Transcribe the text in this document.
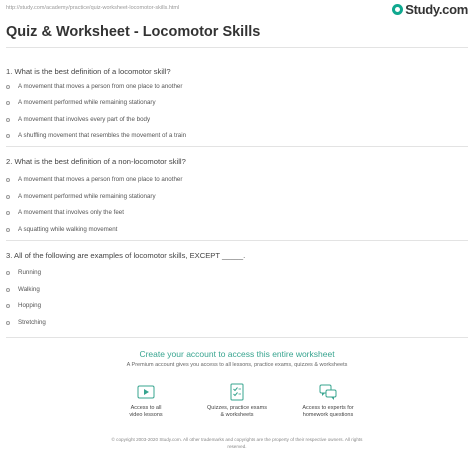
http://study.com/academy/practice/quiz-worksheet-locomotor-skills.html	Study.com
Quiz & Worksheet - Locomotor Skills
1. What is the best definition of a locomotor skill?
A movement that moves a person from one place to another
A movement performed while remaining stationary
A movement that involves every part of the body
A shuffling movement that resembles the movement of a train
2. What is the best definition of a non-locomotor skill?
A movement that moves a person from one place to another
A movement performed while remaining stationary
A movement that involves only the feet
A squatting while walking movement
3. All of the following are examples of locomotor skills, EXCEPT _____.
Running
Walking
Hopping
Stretching
Create your account to access this entire worksheet
A Premium account gives you access to all lessons, practice exams, quizzes & worksheets
Access to all
video lessons
Quizzes, practice exams
& worksheets
Access to experts for
homework questions
© copyright 2003-2020 Study.com. All other trademarks and copyrights are the property of their respective owners. All rights
reserved.
